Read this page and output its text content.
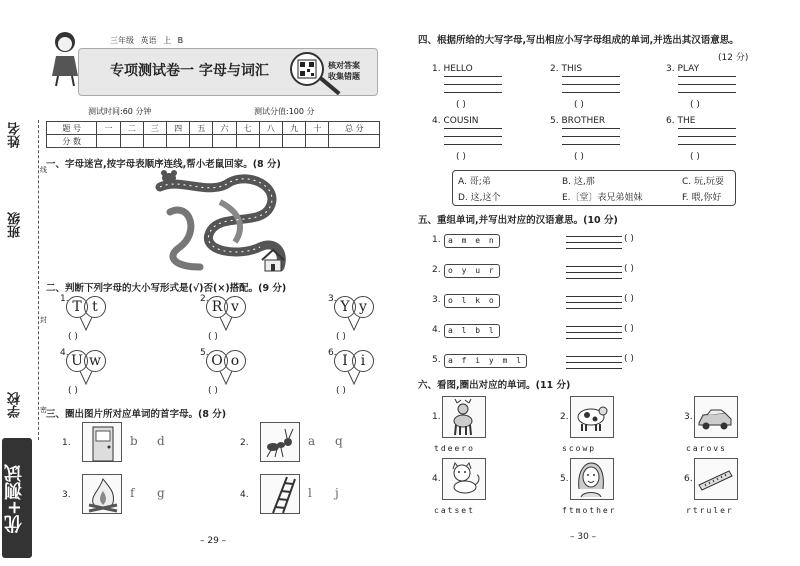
姓名
班级
学校
线
封
密
优+测试
三年级 英语 上 B
专项测试卷一 字母与词汇	核对答案
收集错题
测试时间:60 分钟	测试分值:100 分
题 号	一	二	三	四	五	六	七	八	九	十	总 分
分 数											
一、字母迷宫,按字母表顺序连线,帮小老鼠回家。(8 分)
二、判断下列字母的大小写形式是(√)否(×)搭配。(9 分)
1. T t
( )
2. R v
( )
3. Y y
( )
4. U w
( )
5. O o
( )
6. I i
( )
三、圈出图片所对应单词的首字母。(8 分)
1.	b d	2.	a q
3.	f g	4.	l j
– 29 –
四、根据所给的大写字母,写出相应小写字母组成的单词,并选出其汉语意思。
(12 分)
1. HELLO
( )
2. THIS
( )
3. PLAY
( )
4. COUSIN
( )
5. BROTHER
( )
6. THE
( )
A. 哥;弟	B. 这,那	C. 玩,玩耍
D. 这,这个	E.〔堂〕表兄弟姐妹	F. 喂,你好
五、重组单词,并写出对应的汉语意思。(10 分)
1. a m e n	( )
2. o y u r	( )
3. o l k o	( )
4. a l b l	( )
5. a f i y m l	( )
六、看图,圈出对应的单词。(11 分)
1.
tdeero
2.
scowp
3.
carovs
4.
catset
5.
ftmother
6.
rtruler
– 30 –
